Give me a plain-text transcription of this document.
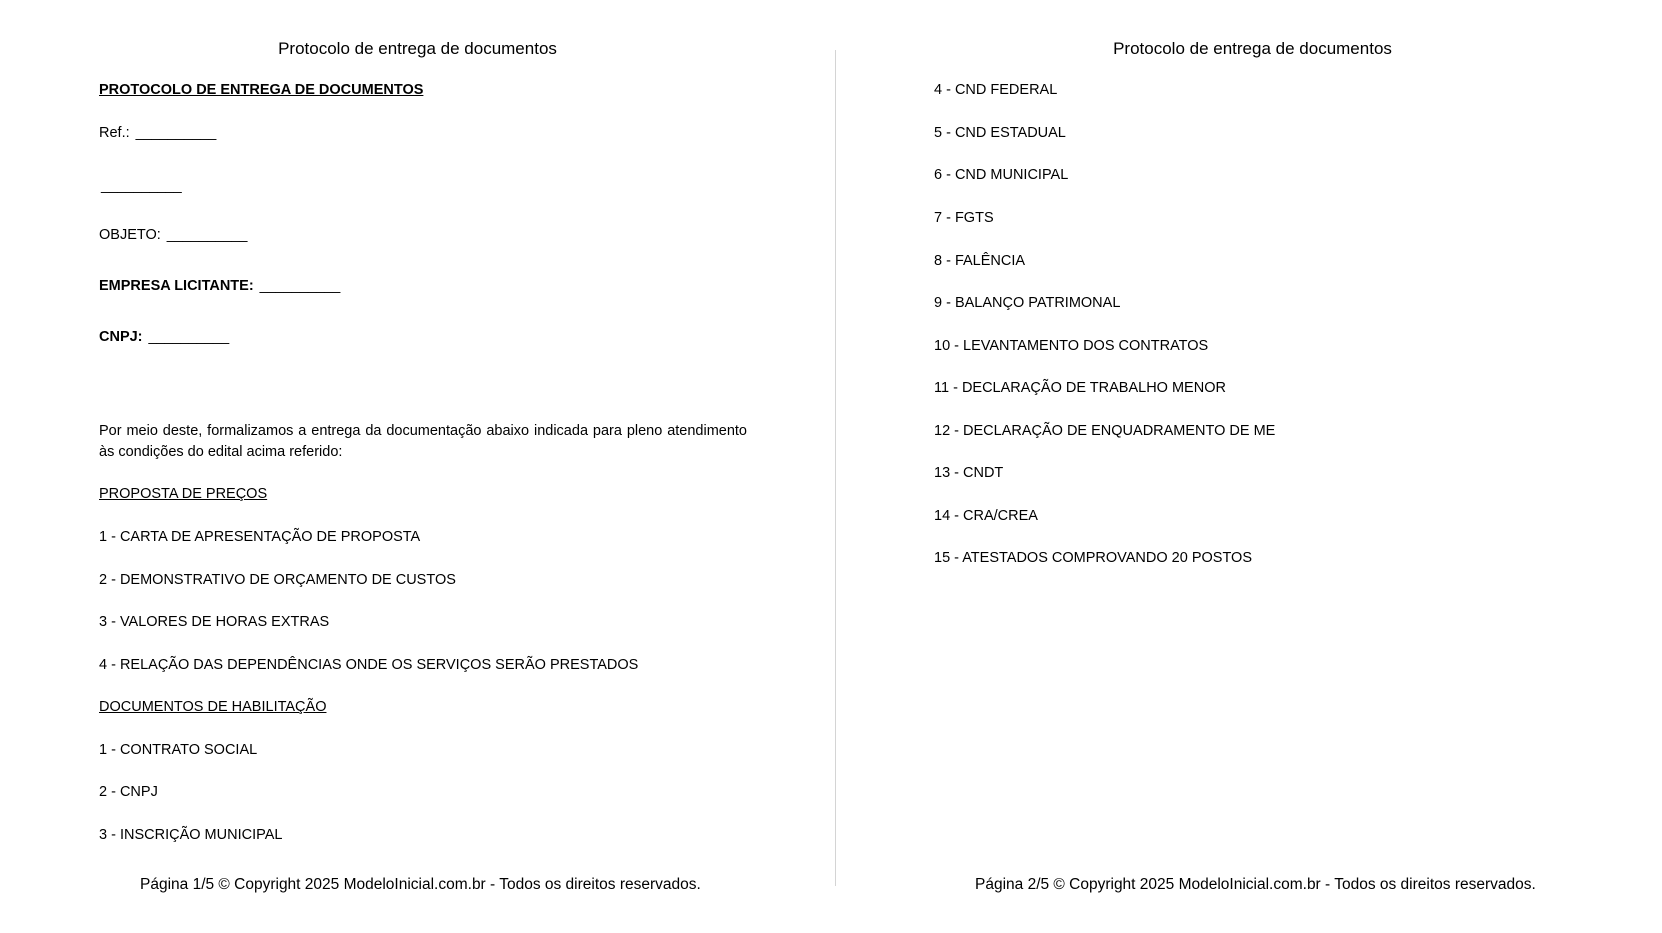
Protocolo de entrega de documentos
PROTOCOLO DE ENTREGA DE DOCUMENTOS
Ref.: __________
__________
OBJETO: __________
EMPRESA LICITANTE: __________
CNPJ: __________
Por meio deste, formalizamos a entrega da documentação abaixo indicada para pleno atendimento às condições do edital acima referido:
PROPOSTA DE PREÇOS
1 - CARTA DE APRESENTAÇÃO DE PROPOSTA
2 - DEMONSTRATIVO DE ORÇAMENTO DE CUSTOS
3 - VALORES DE HORAS EXTRAS
4 - RELAÇÃO DAS DEPENDÊNCIAS ONDE OS SERVIÇOS SERÃO PRESTADOS
DOCUMENTOS DE HABILITAÇÃO
1 - CONTRATO SOCIAL
2 - CNPJ
3 - INSCRIÇÃO MUNICIPAL
Página 1/5 © Copyright 2025 ModeloInicial.com.br - Todos os direitos reservados.
Protocolo de entrega de documentos
4 - CND FEDERAL
5 - CND ESTADUAL
6 - CND MUNICIPAL
7 - FGTS
8 - FALÊNCIA
9 - BALANÇO PATRIMONAL
10 - LEVANTAMENTO DOS CONTRATOS
11 - DECLARAÇÃO DE TRABALHO MENOR
12 - DECLARAÇÃO DE ENQUADRAMENTO DE ME
13 - CNDT
14 - CRA/CREA
15 - ATESTADOS COMPROVANDO 20 POSTOS
Página 2/5 © Copyright 2025 ModeloInicial.com.br - Todos os direitos reservados.
